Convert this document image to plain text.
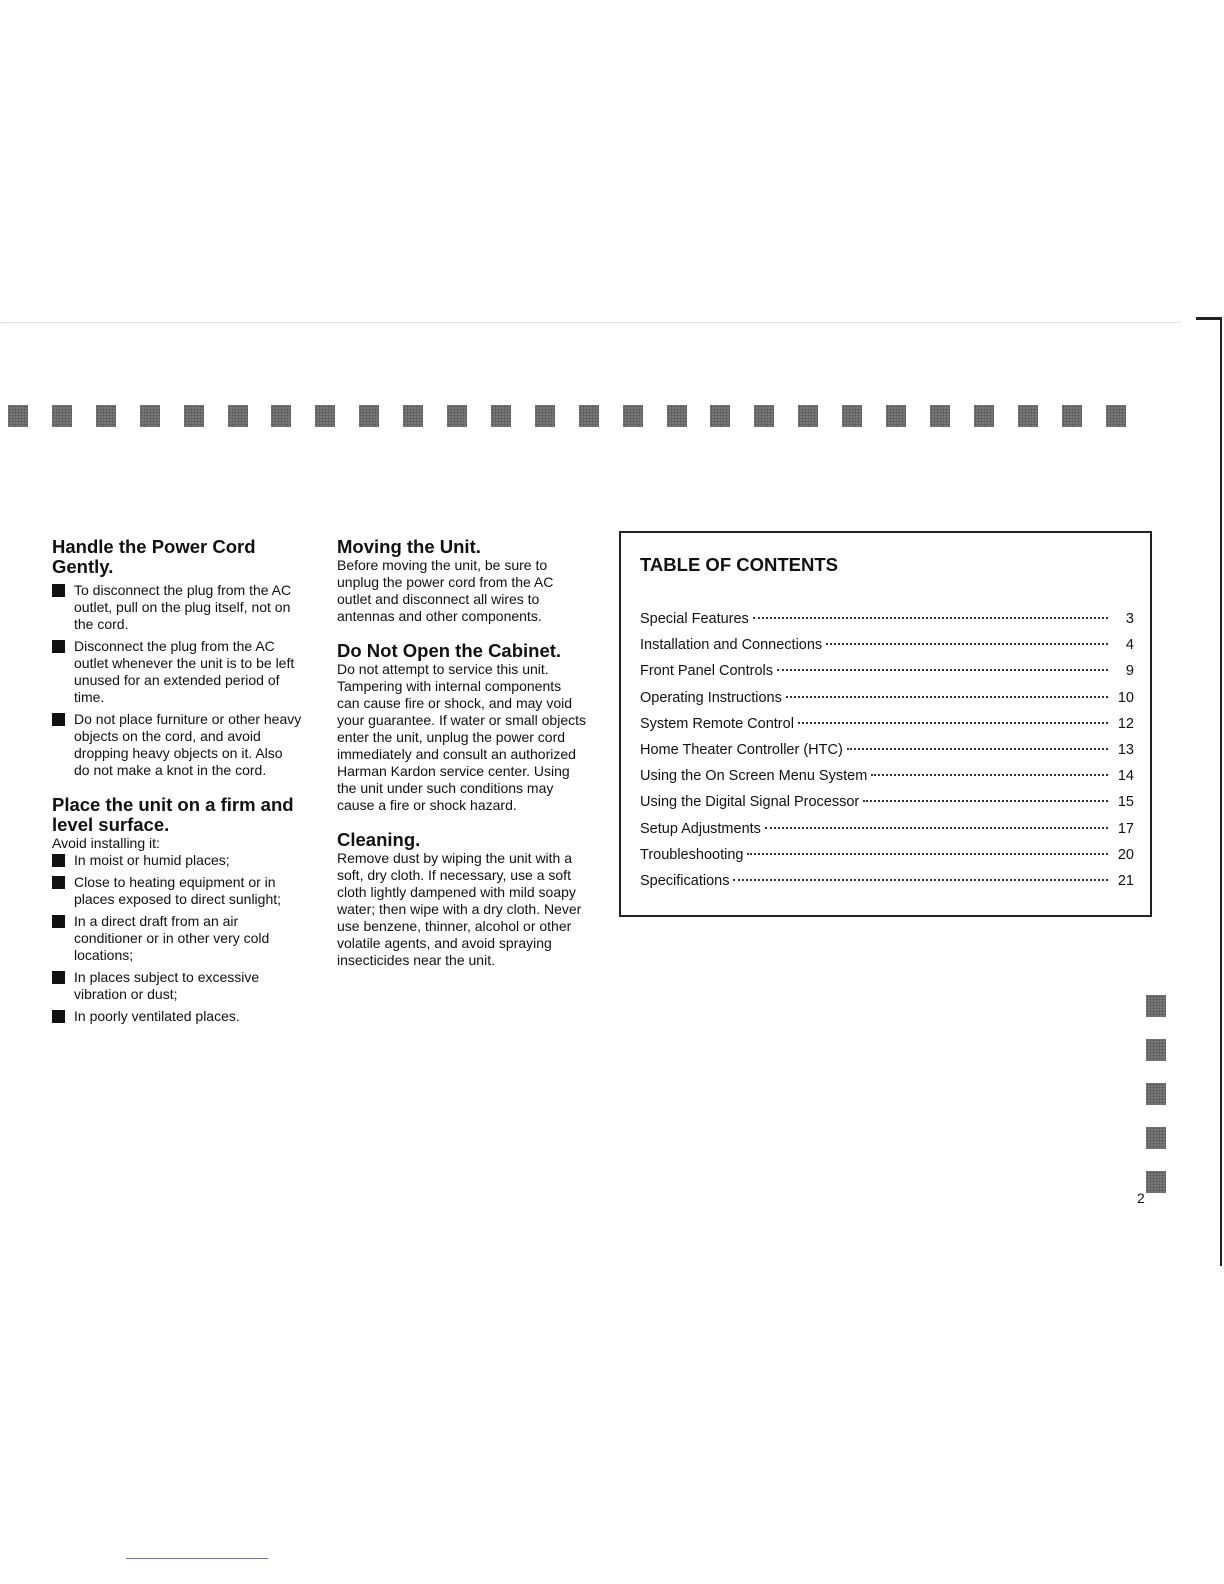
Handle the Power Cord Gently.
To disconnect the plug from the AC outlet, pull on the plug itself, not on the cord.
Disconnect the plug from the AC outlet whenever the unit is to be left unused for an extended period of time.
Do not place furniture or other heavy objects on the cord, and avoid dropping heavy objects on it. Also do not make a knot in the cord.
Place the unit on a firm and level surface.

Avoid installing it:

In moist or humid places;
Close to heating equipment or in places exposed to direct sunlight;
In a direct draft from an air conditioner or in other very cold locations;
In places subject to excessive vibration or dust;
In poorly ventilated places.
Moving the Unit.

Before moving the unit, be sure to unplug the power cord from the AC outlet and disconnect all wires to antennas and other components.

Do Not Open the Cabinet.

Do not attempt to service this unit. Tampering with internal components can cause fire or shock, and may void your guarantee. If water or small objects enter the unit, unplug the power cord immediately and consult an authorized Harman Kardon service center. Using the unit under such conditions may cause a fire or shock hazard.

Cleaning.

Remove dust by wiping the unit with a soft, dry cloth. If necessary, use a soft cloth lightly dampened with mild soapy water; then wipe with a dry cloth. Never use benzene, thinner, alcohol or other volatile agents, and avoid spraying insecticides near the unit.

TABLE OF CONTENTS
Special Features	3
Installation and Connections	4
Front Panel Controls	9
Operating Instructions	10
System Remote Control	12
Home Theater Controller (HTC)	13
Using the On Screen Menu System	14
Using the Digital Signal Processor	15
Setup Adjustments	17
Troubleshooting	20
Specifications	21
2
